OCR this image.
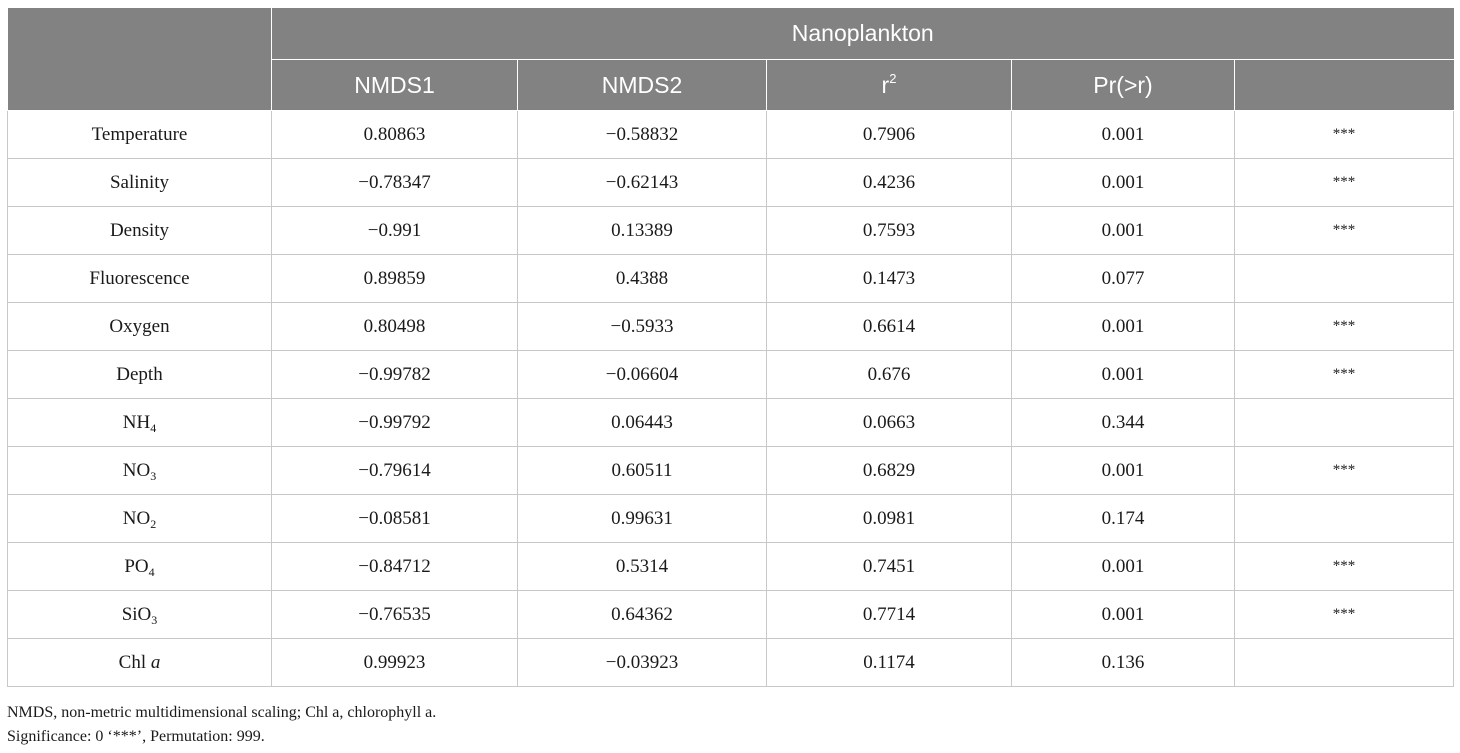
	Nanoplankton				
	NMDS1	NMDS2	$r^2$	Pr(>r)	
Temperature	0.80863	−0.58832	0.7906	0.001	***
Salinity	−0.78347	−0.62143	0.4236	0.001	***
Density	−0.991	0.13389	0.7593	0.001	***
Fluorescence	0.89859	0.4388	0.1473	0.077	
Oxygen	0.80498	−0.5933	0.6614	0.001	***
Depth	−0.99782	−0.06604	0.676	0.001	***
$NH_4$	−0.99792	0.06443	0.0663	0.344	
$NO_3$	−0.79614	0.60511	0.6829	0.001	***
$NO_2$	−0.08581	0.99631	0.0981	0.174	
$PO_4$	−0.84712	0.5314	0.7451	0.001	***
SiO$_3$	−0.76535	0.64362	0.7714	0.001	***
Chl a	0.99923	−0.03923	0.1174	0.136	

NMDS, non-metric multidimensional scaling; Chl a, chlorophyll a.

Significance: 0 ‘***’, Permutation: 999.
